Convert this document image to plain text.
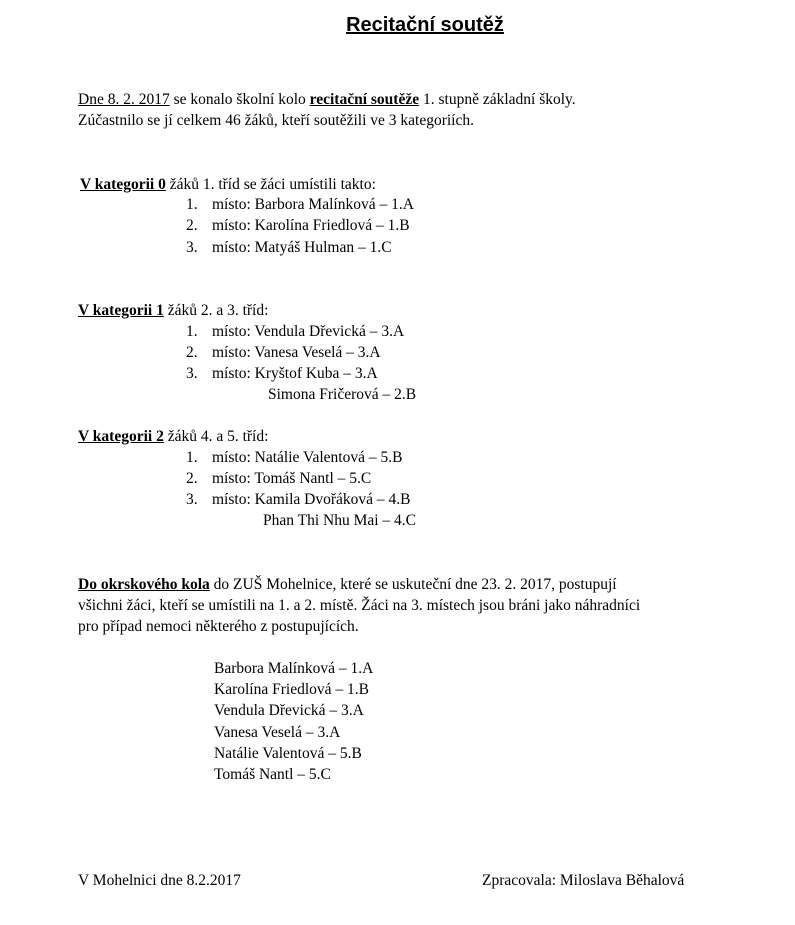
Recitační soutěž
Dne 8. 2. 2017 se konalo školní kolo recitační soutěže 1. stupně základní školy.
Zúčastnilo se jí celkem 46 žáků, kteří soutěžili ve 3 kategoriích.
V kategorii 0 žáků 1. tříd se žáci umístili takto:
1. místo: Barbora Malínková – 1.A
2. místo: Karolína Friedlová – 1.B
3. místo: Matyáš Hulman – 1.C
V kategorii 1 žáků 2. a 3. tříd:
1. místo: Vendula Dřevická – 3.A
2. místo: Vanesa Veselá – 3.A
3. místo: Kryštof Kuba – 3.A
Simona Fričerová – 2.B
V kategorii 2 žáků 4. a 5. tříd:
1. místo: Natálie Valentová – 5.B
2. místo: Tomáš Nantl – 5.C
3. místo: Kamila Dvořáková – 4.B
Phan Thi Nhu Mai – 4.C
Do okrskového kola do ZUŠ Mohelnice, které se uskuteční dne 23. 2. 2017, postupují
všichni žáci, kteří se umístili na 1. a 2. místě. Žáci na 3. místech jsou bráni jako náhradníci
pro případ nemoci některého z postupujících.
Barbora Malínková – 1.A
Karolína Friedlová – 1.B
Vendula Dřevická – 3.A
Vanesa Veselá – 3.A
Natálie Valentová – 5.B
Tomáš Nantl – 5.C
V Mohelnici dne 8.2.2017	Zpracovala: Miloslava Běhalová
